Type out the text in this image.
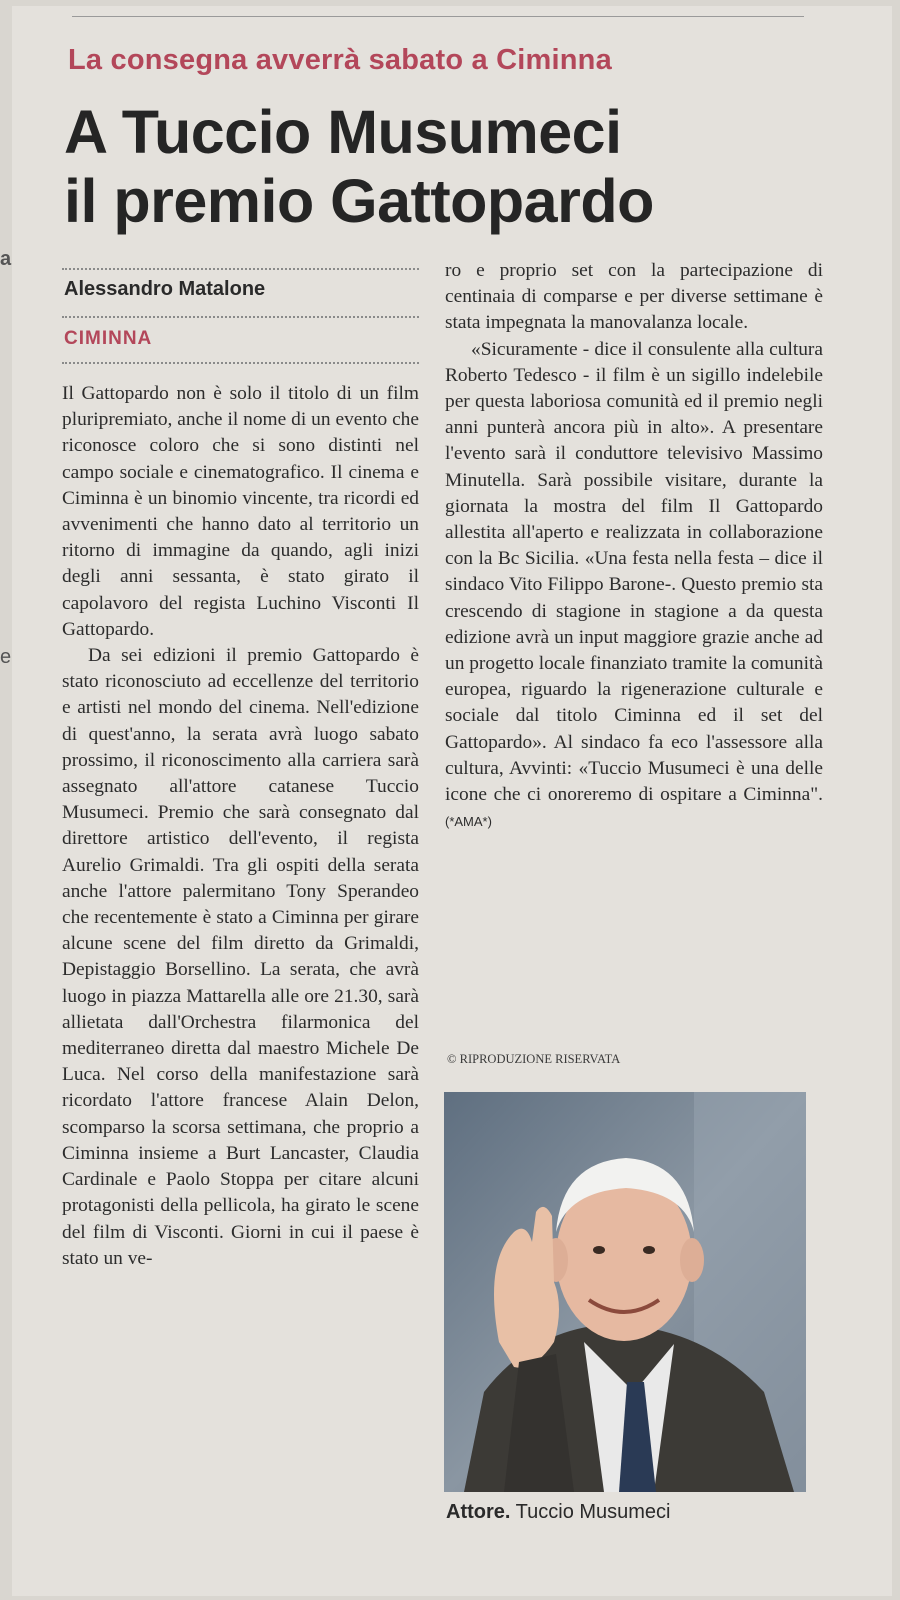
a
e
La consegna avverrà sabato a Ciminna
A Tuccio Musumeci
il premio Gattopardo
Alessandro Matalone
CIMINNA

Il Gattopardo non è solo il titolo di un film pluripremiato, anche il nome di un evento che riconosce coloro che si sono distinti nel campo sociale e cinematografico. Il cinema e Ciminna è un binomio vincente, tra ricordi ed avvenimenti che hanno dato al territorio un ritorno di immagine da quando, agli inizi degli anni sessanta, è stato girato il capolavoro del regista Luchino Visconti Il Gattopardo.

Da sei edizioni il premio Gattopardo è stato riconosciuto ad eccellenze del territorio e artisti nel mondo del cinema. Nell'edizione di quest'anno, la serata avrà luogo sabato prossimo, il riconoscimento alla carriera sarà assegnato all'attore catanese Tuccio Musumeci. Premio che sarà consegnato dal direttore artistico dell'evento, il regista Aurelio Grimaldi. Tra gli ospiti della serata anche l'attore palermitano Tony Sperandeo che recentemente è stato a Ciminna per girare alcune scene del film diretto da Grimaldi, Depistaggio Borsellino. La serata, che avrà luogo in piazza Mattarella alle ore 21.30, sarà allietata dall'Orchestra filarmonica del mediterraneo diretta dal maestro Michele De Luca. Nel corso della manifestazione sarà ricordato l'attore francese Alain Delon, scomparso la scorsa settimana, che proprio a Ciminna insieme a Burt Lancaster, Claudia Cardinale e Paolo Stoppa per citare alcuni protagonisti della pellicola, ha girato le scene del film di Visconti. Giorni in cui il paese è stato un ve-

ro e proprio set con la partecipazione di centinaia di comparse e per diverse settimane è stata impegnata la manovalanza locale.

«Sicuramente - dice il consulente alla cultura Roberto Tedesco - il film è un sigillo indelebile per questa laboriosa comunità ed il premio negli anni punterà ancora più in alto». A presentare l'evento sarà il conduttore televisivo Massimo Minutella. Sarà possibile visitare, durante la giornata la mostra del film Il Gattopardo allestita all'aperto e realizzata in collaborazione con la Bc Sicilia. «Una festa nella festa – dice il sindaco Vito Filippo Barone-. Questo premio sta crescendo di stagione in stagione a da questa edizione avrà un input maggiore grazie anche ad un progetto locale finanziato tramite la comunità europea, riguardo la rigenerazione culturale e sociale dal titolo Ciminna ed il set del Gattopardo». Al sindaco fa eco l'assessore alla cultura, Avvinti: «Tuccio Musumeci è una delle icone che ci onoreremo di ospitare a Ciminna". (*AMA*)

© RIPRODUZIONE RISERVATA
Attore. Tuccio Musumeci
